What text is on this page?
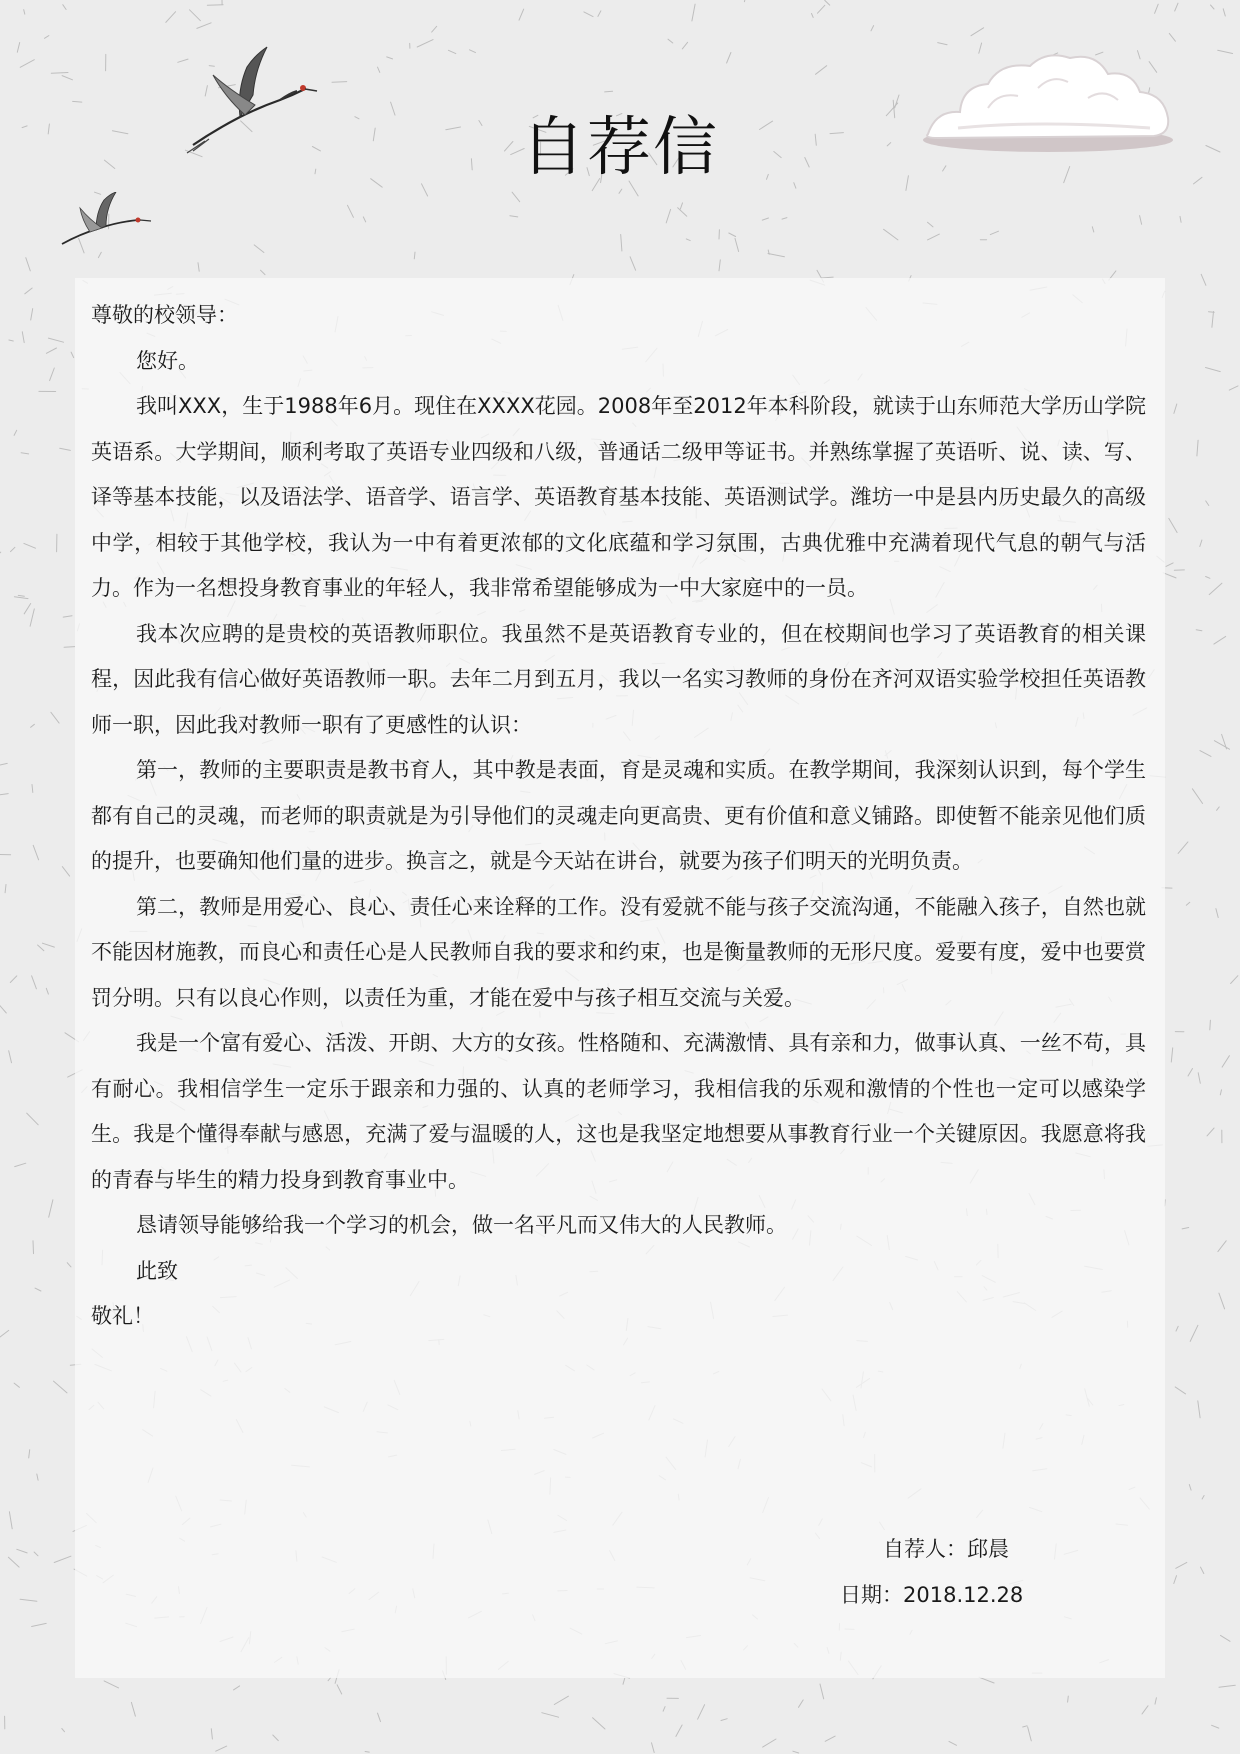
自荐信

尊敬的校领导：

您好。

我叫XXX，生于1988年6月。现住在XXXX花园。2008年至2012年本科阶段，就读于山东师范大学历山学院英语系。大学期间，顺利考取了英语专业四级和八级，普通话二级甲等证书。并熟练掌握了英语听、说、读、写、译等基本技能，以及语法学、语音学、语言学、英语教育基本技能、英语测试学。潍坊一中是县内历史最久的高级中学，相较于其他学校，我认为一中有着更浓郁的文化底蕴和学习氛围，古典优雅中充满着现代气息的朝气与活力。作为一名想投身教育事业的年轻人，我非常希望能够成为一中大家庭中的一员。

我本次应聘的是贵校的英语教师职位。我虽然不是英语教育专业的，但在校期间也学习了英语教育的相关课程，因此我有信心做好英语教师一职。去年二月到五月，我以一名实习教师的身份在齐河双语实验学校担任英语教师一职，因此我对教师一职有了更感性的认识：

第一，教师的主要职责是教书育人，其中教是表面，育是灵魂和实质。在教学期间，我深刻认识到，每个学生都有自己的灵魂，而老师的职责就是为引导他们的灵魂走向更高贵、更有价值和意义铺路。即使暂不能亲见他们质的提升，也要确知他们量的进步。换言之，就是今天站在讲台，就要为孩子们明天的光明负责。

第二，教师是用爱心、良心、责任心来诠释的工作。没有爱就不能与孩子交流沟通，不能融入孩子，自然也就不能因材施教，而良心和责任心是人民教师自我的要求和约束，也是衡量教师的无形尺度。爱要有度，爱中也要赏罚分明。只有以良心作则，以责任为重，才能在爱中与孩子相互交流与关爱。

我是一个富有爱心、活泼、开朗、大方的女孩。性格随和、充满激情、具有亲和力，做事认真、一丝不苟，具有耐心。我相信学生一定乐于跟亲和力强的、认真的老师学习，我相信我的乐观和激情的个性也一定可以感染学生。我是个懂得奉献与感恩，充满了爱与温暖的人，这也是我坚定地想要从事教育行业一个关键原因。我愿意将我的青春与毕生的精力投身到教育事业中。

恳请领导能够给我一个学习的机会，做一名平凡而又伟大的人民教师。

此致

敬礼！

自荐人：邱晨
日期：2018.12.28
